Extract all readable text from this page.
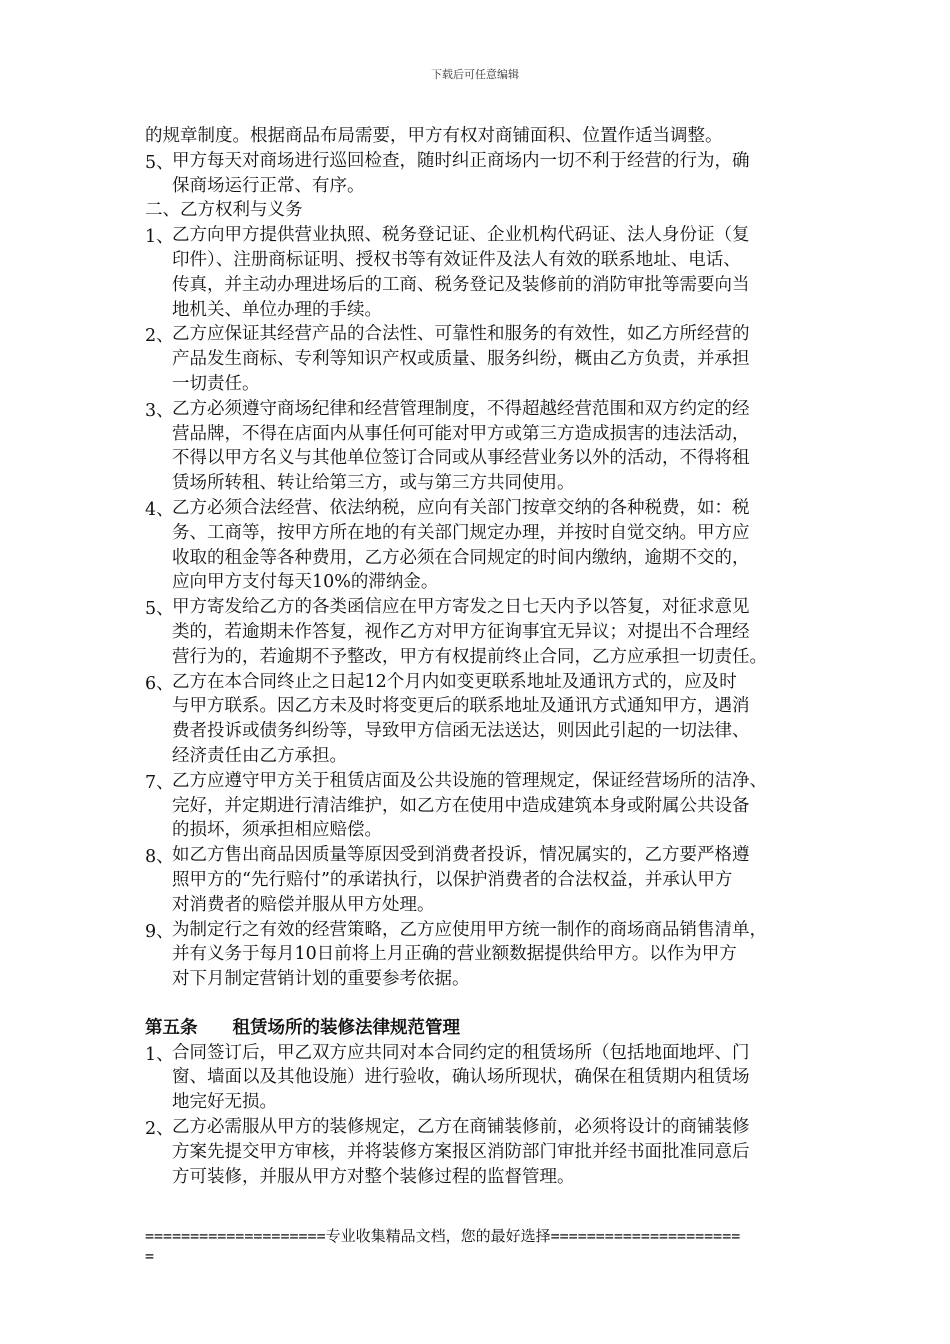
下载后可任意编辑
的规章制度。根据商品布局需要，甲方有权对商铺面积、位置作适当调整。
5、
甲方每天对商场进行巡回检查，随时纠正商场内一切不利于经营的行为，确
保商场运行正常、有序。
二、乙方权利与义务
1、
乙方向甲方提供营业执照、税务登记证、企业机构代码证、法人身份证（复
印件）、注册商标证明、授权书等有效证件及法人有效的联系地址、电话、
传真，并主动办理进场后的工商、税务登记及装修前的消防审批等需要向当
地机关、单位办理的手续。
2、
乙方应保证其经营产品的合法性、可靠性和服务的有效性，如乙方所经营的
产品发生商标、专利等知识产权或质量、服务纠纷，概由乙方负责，并承担
一切责任。
3、
乙方必须遵守商场纪律和经营管理制度，不得超越经营范围和双方约定的经
营品牌，不得在店面内从事任何可能对甲方或第三方造成损害的违法活动，
不得以甲方名义与其他单位签订合同或从事经营业务以外的活动，不得将租
赁场所转租、转让给第三方，或与第三方共同使用。
4、
乙方必须合法经营、依法纳税，应向有关部门按章交纳的各种税费，如：税
务、工商等，按甲方所在地的有关部门规定办理，并按时自觉交纳。甲方应
收取的租金等各种费用，乙方必须在合同规定的时间内缴纳，逾期不交的，
应向甲方支付每天10%的滞纳金。
5、
甲方寄发给乙方的各类函信应在甲方寄发之日七天内予以答复，对征求意见
类的，若逾期未作答复，视作乙方对甲方征询事宜无异议；对提出不合理经
营行为的，若逾期不予整改，甲方有权提前终止合同，乙方应承担一切责任。
6、
乙方在本合同终止之日起12个月内如变更联系地址及通讯方式的，应及时
与甲方联系。因乙方未及时将变更后的联系地址及通讯方式通知甲方，遇消
费者投诉或债务纠纷等，导致甲方信函无法送达，则因此引起的一切法律、
经济责任由乙方承担。
7、
乙方应遵守甲方关于租赁店面及公共设施的管理规定，保证经营场所的洁净、
完好，并定期进行清洁维护，如乙方在使用中造成建筑本身或附属公共设备
的损坏，须承担相应赔偿。
8、
如乙方售出商品因质量等原因受到消费者投诉，情况属实的，乙方要严格遵
照甲方的“先行赔付”的承诺执行，以保护消费者的合法权益，并承认甲方
对消费者的赔偿并服从甲方处理。
9、
为制定行之有效的经营策略，乙方应使用甲方统一制作的商场商品销售清单，
并有义务于每月10日前将上月正确的营业额数据提供给甲方。以作为甲方
对下月制定营销计划的重要参考依据。
第五条　　租赁场所的装修法律规范管理
1、
合同签订后，甲乙双方应共同对本合同约定的租赁场所（包括地面地坪、门
窗、墙面以及其他设施）进行验收，确认场所现状，确保在租赁期内租赁场
地完好无损。
2、
乙方必需服从甲方的装修规定，乙方在商铺装修前，必须将设计的商铺装修
方案先提交甲方审核，并将装修方案报区消防部门审批并经书面批准同意后
方可装修，并服从甲方对整个装修过程的监督管理。
====================专业收集精品文档，您的最好选择=====================
=
